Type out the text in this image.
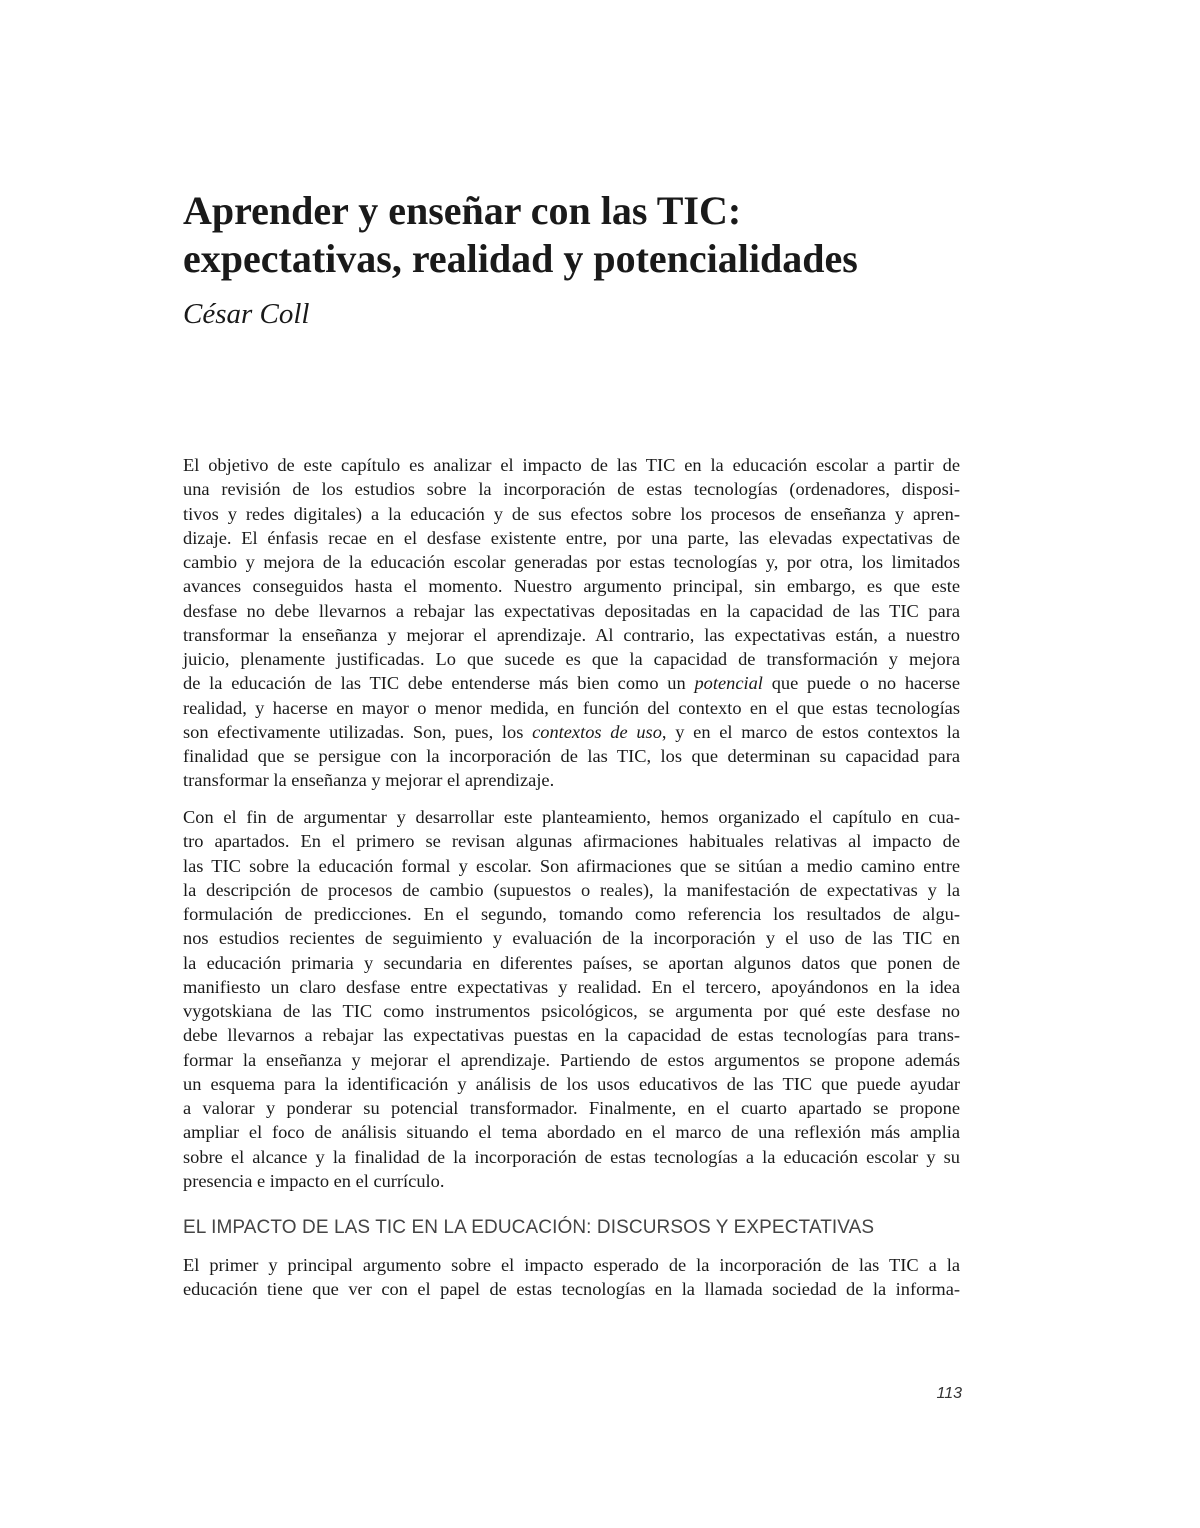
Aprender y enseñar con las TIC:
expectativas, realidad y potencialidades

César Coll

El objetivo de este capítulo es analizar el impacto de las TIC en la educación escolar a partir de
una revisión de los estudios sobre la incorporación de estas tecnologías (ordenadores, disposi-
tivos y redes digitales) a la educación y de sus efectos sobre los procesos de enseñanza y apren-
dizaje. El énfasis recae en el desfase existente entre, por una parte, las elevadas expectativas de
cambio y mejora de la educación escolar generadas por estas tecnologías y, por otra, los limitados
avances conseguidos hasta el momento. Nuestro argumento principal, sin embargo, es que este
desfase no debe llevarnos a rebajar las expectativas depositadas en la capacidad de las TIC para
transformar la enseñanza y mejorar el aprendizaje. Al contrario, las expectativas están, a nuestro
juicio, plenamente justificadas. Lo que sucede es que la capacidad de transformación y mejora
de la educación de las TIC debe entenderse más bien como un potencial que puede o no hacerse
realidad, y hacerse en mayor o menor medida, en función del contexto en el que estas tecnologías
son efectivamente utilizadas. Son, pues, los contextos de uso, y en el marco de estos contextos la
finalidad que se persigue con la incorporación de las TIC, los que determinan su capacidad para
transformar la enseñanza y mejorar el aprendizaje.
Con el fin de argumentar y desarrollar este planteamiento, hemos organizado el capítulo en cua-
tro apartados. En el primero se revisan algunas afirmaciones habituales relativas al impacto de
las TIC sobre la educación formal y escolar. Son afirmaciones que se sitúan a medio camino entre
la descripción de procesos de cambio (supuestos o reales), la manifestación de expectativas y la
formulación de predicciones. En el segundo, tomando como referencia los resultados de algu-
nos estudios recientes de seguimiento y evaluación de la incorporación y el uso de las TIC en
la educación primaria y secundaria en diferentes países, se aportan algunos datos que ponen de
manifiesto un claro desfase entre expectativas y realidad. En el tercero, apoyándonos en la idea
vygotskiana de las TIC como instrumentos psicológicos, se argumenta por qué este desfase no
debe llevarnos a rebajar las expectativas puestas en la capacidad de estas tecnologías para trans-
formar la enseñanza y mejorar el aprendizaje. Partiendo de estos argumentos se propone además
un esquema para la identificación y análisis de los usos educativos de las TIC que puede ayudar
a valorar y ponderar su potencial transformador. Finalmente, en el cuarto apartado se propone
ampliar el foco de análisis situando el tema abordado en el marco de una reflexión más amplia
sobre el alcance y la finalidad de la incorporación de estas tecnologías a la educación escolar y su
presencia e impacto en el currículo.
EL IMPACTO DE LAS TIC EN LA EDUCACIÓN: DISCURSOS Y EXPECTATIVAS
El primer y principal argumento sobre el impacto esperado de la incorporación de las TIC a la
educación tiene que ver con el papel de estas tecnologías en la llamada sociedad de la informa-
113
